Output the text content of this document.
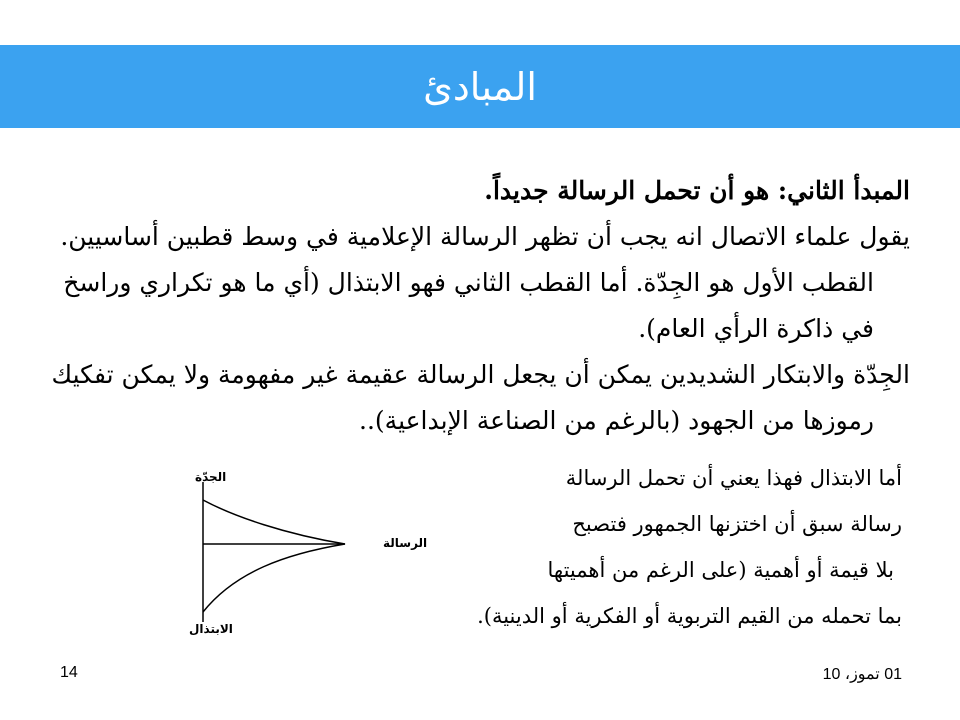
المبادئ

المبدأ الثاني: هو أن تحمل الرسالة جديداً.

يقول علماء الاتصال انه يجب أن تظهر الرسالة الإعلامية في وسط قطبين أساسيين. القطب الأول هو الجِدّة. أما القطب الثاني فهو الابتذال (أي ما هو تكراري وراسخ في ذاكرة الرأي العام).

الجِدّة والابتكار الشديدين يمكن أن يجعل الرسالة عقيمة غير مفهومة ولا يمكن تفكيك رموزها من الجهود (بالرغم من الصناعة الإبداعية)..

أما الابتذال فهذا يعني أن تحمل الرسالة

رسالة سبق أن اختزنها الجمهور فتصبح

بلا قيمة أو أهمية (على الرغم من أهميتها

بما تحمله من القيم التربوية أو الفكرية أو الدينية).

الجدّة
الابتذال
الرسالة
14	01 تموز، 10
